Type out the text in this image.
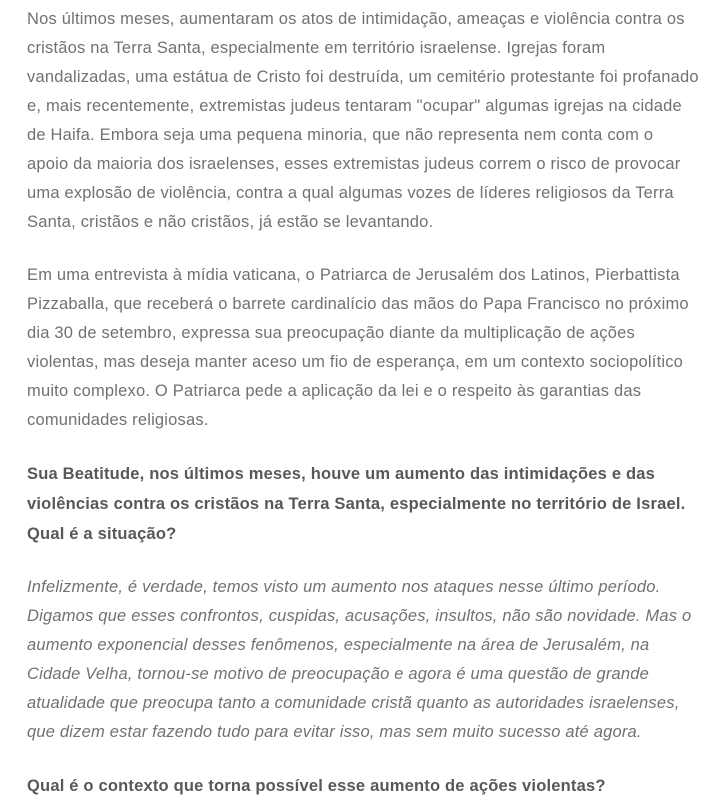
Nos últimos meses, aumentaram os atos de intimidação, ameaças e violência contra os cristãos na Terra Santa, especialmente em território israelense. Igrejas foram vandalizadas, uma estátua de Cristo foi destruída, um cemitério protestante foi profanado e, mais recentemente, extremistas judeus tentaram "ocupar" algumas igrejas na cidade de Haifa. Embora seja uma pequena minoria, que não representa nem conta com o apoio da maioria dos israelenses, esses extremistas judeus correm o risco de provocar uma explosão de violência, contra a qual algumas vozes de líderes religiosos da Terra Santa, cristãos e não cristãos, já estão se levantando.

Em uma entrevista à mídia vaticana, o Patriarca de Jerusalém dos Latinos, Pierbattista Pizzaballa, que receberá o barrete cardinalício das mãos do Papa Francisco no próximo dia 30 de setembro, expressa sua preocupação diante da multiplicação de ações violentas, mas deseja manter aceso um fio de esperança, em um contexto sociopolítico muito complexo. O Patriarca pede a aplicação da lei e o respeito às garantias das comunidades religiosas.

Sua Beatitude, nos últimos meses, houve um aumento das intimidações e das violências contra os cristãos na Terra Santa, especialmente no território de Israel. Qual é a situação?

Infelizmente, é verdade, temos visto um aumento nos ataques nesse último período. Digamos que esses confrontos, cuspidas, acusações, insultos, não são novidade. Mas o aumento exponencial desses fenômenos, especialmente na área de Jerusalém, na Cidade Velha, tornou-se motivo de preocupação e agora é uma questão de grande atualidade que preocupa tanto a comunidade cristã quanto as autoridades israelenses, que dizem estar fazendo tudo para evitar isso, mas sem muito sucesso até agora.

Qual é o contexto que torna possível esse aumento de ações violentas?
